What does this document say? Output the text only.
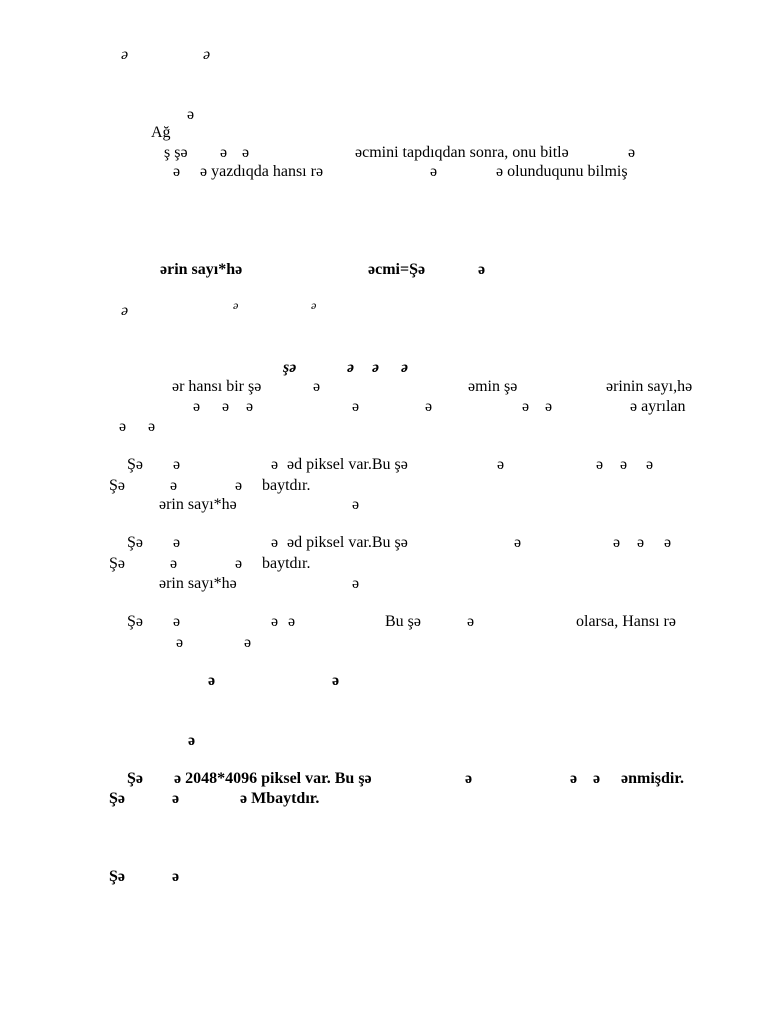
ə	ə
ə
Ağ
ş şə ə ə	əcmini tapdıqdan sonra, onu bitlə	ə
ə ə yazdıqda hansı rə	ə	ə olunduqunu bilmiş
ərin sayı*hə	əcmi=Şə	ə
ə	ə
ə
şə	ə ə ə
ər hansı bir şə	ə	əmin şə	ərinin sayı,hə
ə ə ə	ə	ə	ə ə	ə ayrılan
ə ə
Şə ə	ə əd piksel var.Bu şə	ə	ə ə ə
Şə	ə	ə baytdır.
ərin sayı*hə	ə
Şə ə	ə əd piksel var.Bu şə	ə	ə ə ə
Şə	ə	ə baytdır.
ərin sayı*hə	ə
Şə ə	ə ə	Bu şə	ə	olarsa, Hansı rə
ə	ə
ə	ə
ə
Şə ə 2048*4096 piksel var. Bu şə	ə	ə ə ənmişdir.
Şə	ə	ə Mbaytdır.
Şə	ə
